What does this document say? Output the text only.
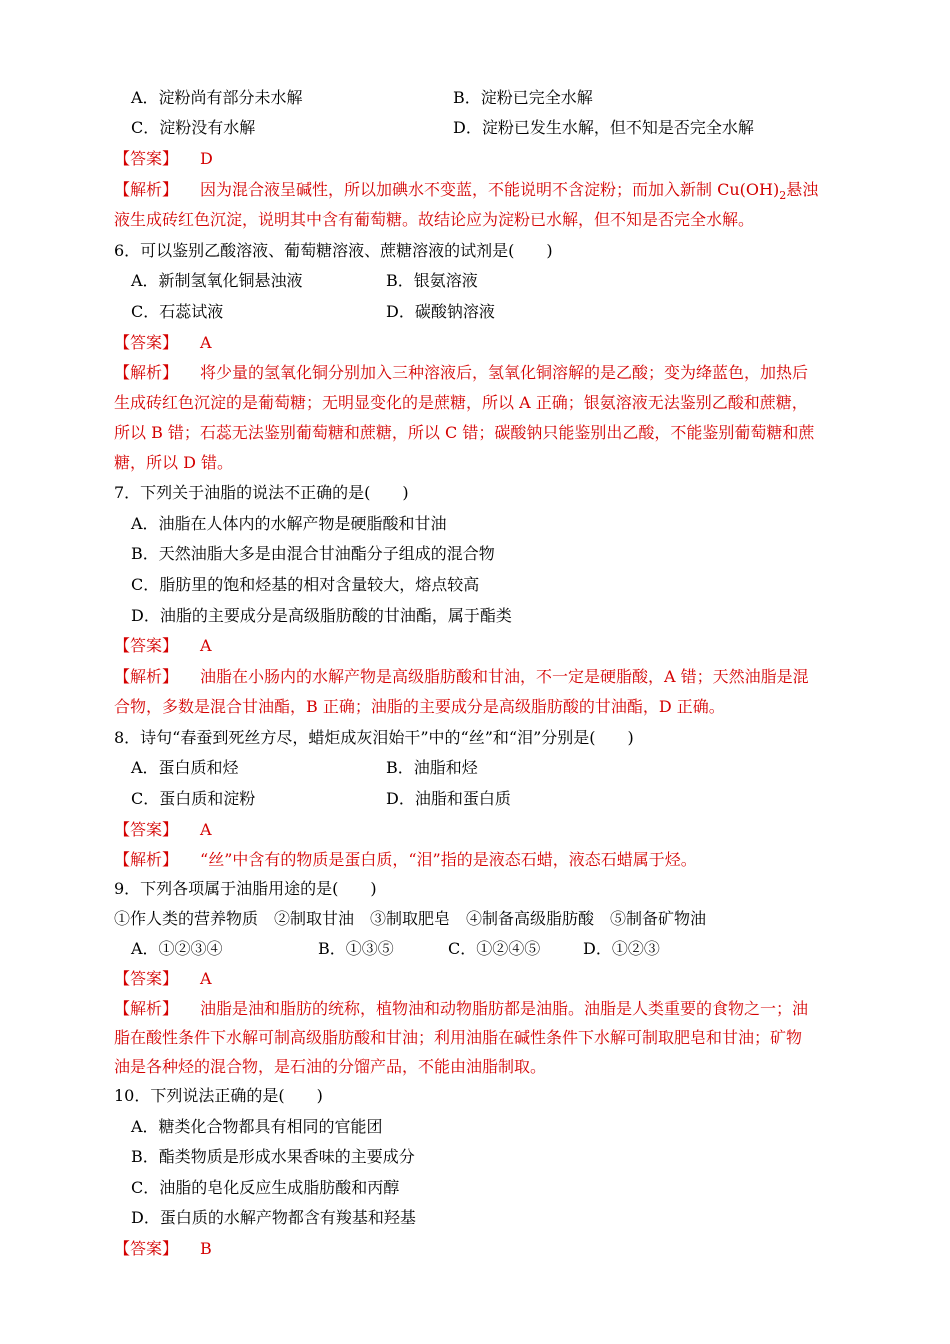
A．淀粉尚有部分未水解	B．淀粉已完全水解
C．淀粉没有水解	D．淀粉已发生水解，但不知是否完全水解
【答案】 D
【解析】 因为混合液呈碱性，所以加碘水不变蓝，不能说明不含淀粉；而加入新制 $Cu(OH)_2$悬浊
液生成砖红色沉淀，说明其中含有葡萄糖。故结论应为淀粉已水解，但不知是否完全水解。
6．可以鉴别乙酸溶液、葡萄糖溶液、蔗糖溶液的试剂是(　　)
A．新制氢氧化铜悬浊液	B．银氨溶液
C．石蕊试液	D．碳酸钠溶液
【答案】 A
【解析】 将少量的氢氧化铜分别加入三种溶液后，氢氧化铜溶解的是乙酸；变为绛蓝色，加热后
生成砖红色沉淀的是葡萄糖；无明显变化的是蔗糖，所以 A 正确；银氨溶液无法鉴别乙酸和蔗糖，
所以 B 错；石蕊无法鉴别葡萄糖和蔗糖，所以 C 错；碳酸钠只能鉴别出乙酸，不能鉴别葡萄糖和蔗
糖，所以 D 错。
7．下列关于油脂的说法不正确的是(　　)
A．油脂在人体内的水解产物是硬脂酸和甘油
B．天然油脂大多是由混合甘油酯分子组成的混合物
C．脂肪里的饱和烃基的相对含量较大，熔点较高
D．油脂的主要成分是高级脂肪酸的甘油酯，属于酯类
【答案】 A
【解析】 油脂在小肠内的水解产物是高级脂肪酸和甘油，不一定是硬脂酸，A 错；天然油脂是混
合物，多数是混合甘油酯，B 正确；油脂的主要成分是高级脂肪酸的甘油酯，D 正确。
8．诗句“春蚕到死丝方尽，蜡炬成灰泪始干”中的“丝”和“泪”分别是(　　)
A．蛋白质和烃	B．油脂和烃
C．蛋白质和淀粉	D．油脂和蛋白质
【答案】 A
【解析】 “丝”中含有的物质是蛋白质，“泪”指的是液态石蜡，液态石蜡属于烃。
9．下列各项属于油脂用途的是(　　)
①作人类的营养物质　②制取甘油　③制取肥皂　④制备高级脂肪酸　⑤制备矿物油
A．①②③④	B．①③⑤	C．①②④⑤	D．①②③
【答案】 A
【解析】 油脂是油和脂肪的统称，植物油和动物脂肪都是油脂。油脂是人类重要的食物之一；油
脂在酸性条件下水解可制高级脂肪酸和甘油；利用油脂在碱性条件下水解可制取肥皂和甘油；矿物
油是各种烃的混合物，是石油的分馏产品，不能由油脂制取。
10．下列说法正确的是(　　)
A．糖类化合物都具有相同的官能团
B．酯类物质是形成水果香味的主要成分
C．油脂的皂化反应生成脂肪酸和丙醇
D．蛋白质的水解产物都含有羧基和羟基
【答案】 B
